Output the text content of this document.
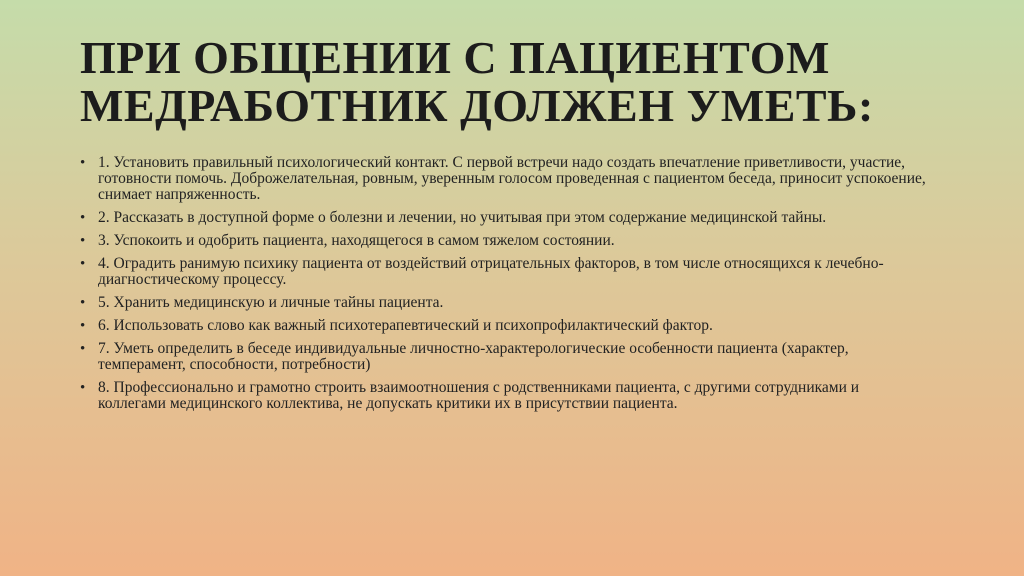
ПРИ ОБЩЕНИИ С ПАЦИЕНТОМ
МЕДРАБОТНИК ДОЛЖЕН УМЕТЬ:
• 1. Установить правильный психологический контакт. С первой встречи надо создать впечатление приветливости, участие, готовности помочь. Доброжелательная, ровным, уверенным голосом проведенная с пациентом беседа, приносит успокоение, снимает напряженность.
• 2. Рассказать в доступной форме о болезни и лечении, но учитывая при этом содержание медицинской тайны.
• 3. Успокоить и одобрить пациента, находящегося в самом тяжелом состоянии.
• 4. Оградить ранимую психику пациента от воздействий отрицательных факторов, в том числе относящихся к лечебно-диагностическому процессу.
• 5. Хранить медицинскую и личные тайны пациента.
• 6. Использовать слово как важный психотерапевтический и психопрофилактический фактор.
• 7. Уметь определить в беседе индивидуальные личностно-характерологические особенности пациента (характер, темперамент, способности, потребности)
• 8. Профессионально и грамотно строить взаимоотношения с родственниками пациента, с другими сотрудниками и коллегами медицинского коллектива, не допускать критики их в присутствии пациента.
